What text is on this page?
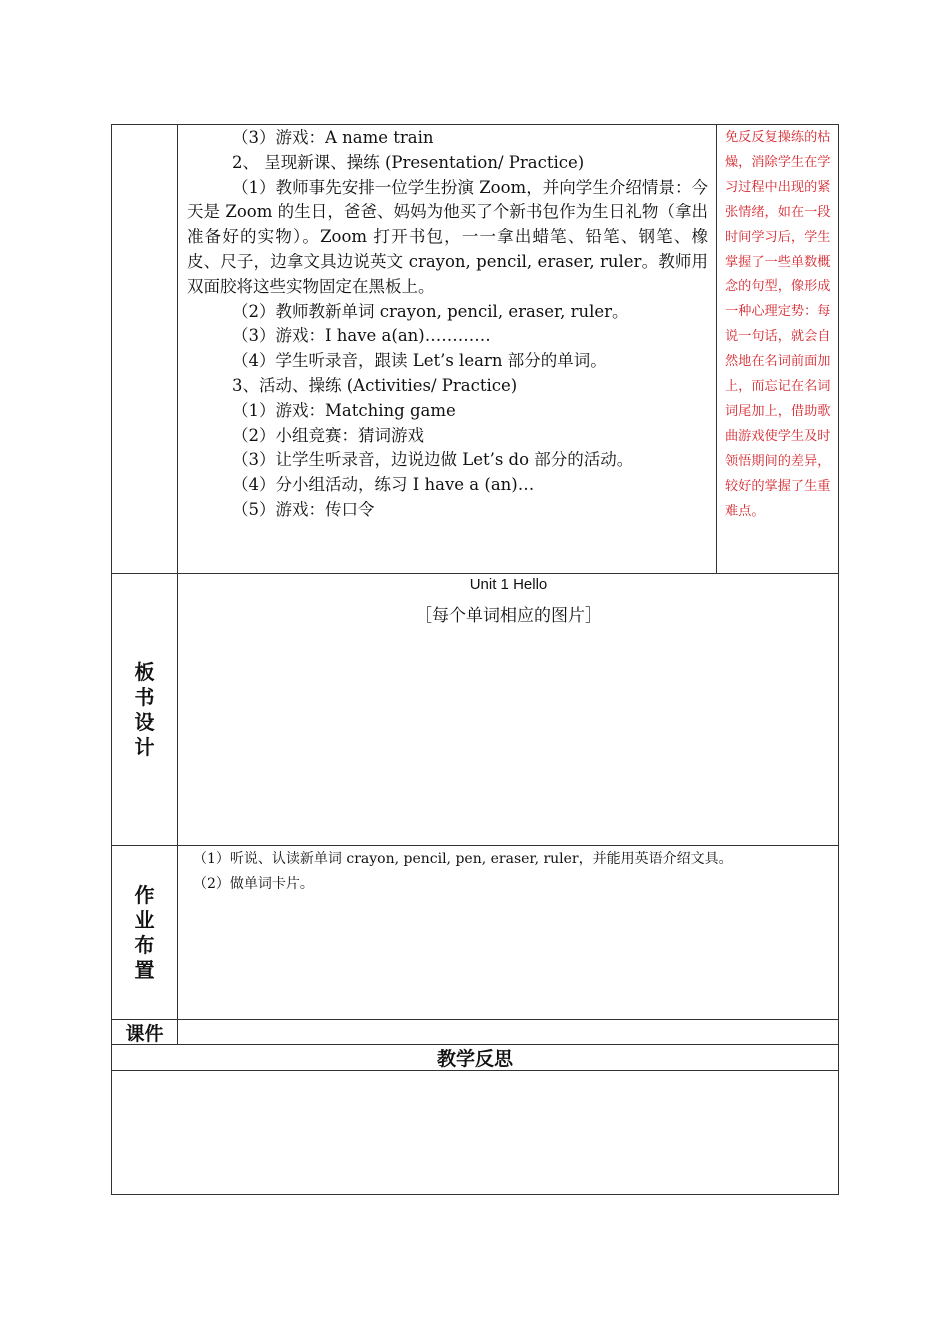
（3）游戏：A name train

2、 呈现新课、操练 (Presentation/ Practice)

（1）教师事先安排一位学生扮演 Zoom，并向学生介绍情景：今天是 Zoom 的生日，爸爸、妈妈为他买了个新书包作为生日礼物（拿出准备好的实物）。Zoom 打开书包，一一拿出蜡笔、铅笔、钢笔、橡皮、尺子，边拿文具边说英文 crayon, pencil, eraser, ruler。教师用双面胶将这些实物固定在黑板上。

（2）教师教新单词 crayon, pencil, eraser, ruler。

（3）游戏：I have a(an)…………

（4）学生听录音，跟读 Let’s learn 部分的单词。

3、活动、操练 (Activities/ Practice)

（1）游戏：Matching game

（2）小组竞赛：猜词游戏

（3）让学生听录音，边说边做 Let’s do 部分的活动。

（4）分小组活动，练习 I have a (an)…

（5）游戏：传口令

免反反复操练的枯燥，消除学生在学习过程中出现的紧张情绪，如在一段时间学习后，学生掌握了一些单数概念的句型，像形成一种心理定势：每说一句话，就会自然地在名词前面加上，而忘记在名词词尾加上，借助歌曲游戏使学生及时领悟期间的差异，较好的掌握了生重难点。
板
书
设
计
Unit 1 Hello
［每个单词相应的图片］
作
业
布
置
（1）听说、认读新单词 crayon, pencil, pen, eraser, ruler，并能用英语介绍文具。
（2）做单词卡片。
课件
教学反思
